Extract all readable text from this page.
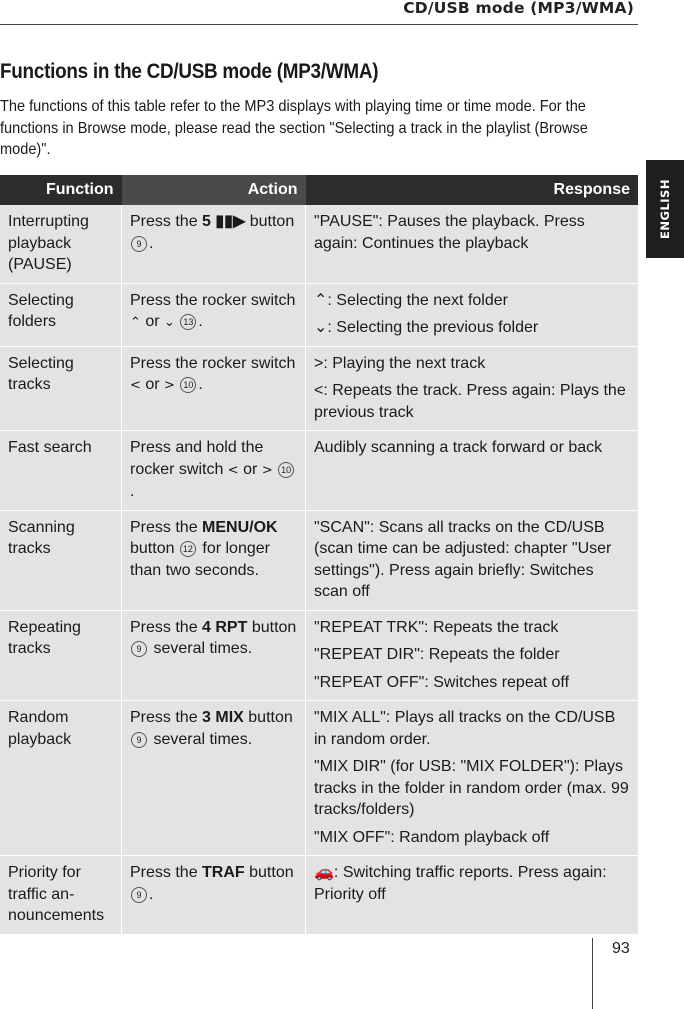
CD/USB mode (MP3/WMA)
ENGLISH
Functions in the CD/USB mode (MP3/WMA)

The functions of this table refer to the MP3 displays with playing time or time mode. For the functions in Browse mode, please read the section "Selecting a track in the playlist (Browse mode)".

Function	Action	Response
Interrupting playback (PAUSE)	Press the 5 ▮▮▶ button 9 .	"PAUSE": Pauses the playback. Press again: Continues the playback

Selecting folders	Press the rocker switch ⌃ or ⌄ 13 .	⌃: Selecting the next folder

⌄: Selecting the previous folder

Selecting tracks	Press the rocker switch < or > 10 .	>: Playing the next track

<: Repeats the track. Press again: Plays the previous track

Fast search	Press and hold the rocker switch < or > 10.	Audibly scanning a track forward or back

Scanning tracks	Press the MENU/OK button 12 for longer than two seconds.	"SCAN": Scans all tracks on the CD/USB (scan time can be adjusted: chapter "User settings"). Press again briefly: Switches scan off

Repeating tracks	Press the 4 RPT button 9 several times.	"REPEAT TRK": Repeats the track

"REPEAT DIR": Repeats the folder

"REPEAT OFF": Switches repeat off

Random playback	Press the 3 MIX button 9 several times.	"MIX ALL": Plays all tracks on the CD/USB in random order.

"MIX DIR" (for USB: "MIX FOLDER"): Plays tracks in the folder in random order (max. 99 tracks/folders)

"MIX OFF": Random playback off

Priority for traffic an-nouncements	Press the TRAF button 9 .	🚗: Switching traffic reports. Press again: Priority off

93
